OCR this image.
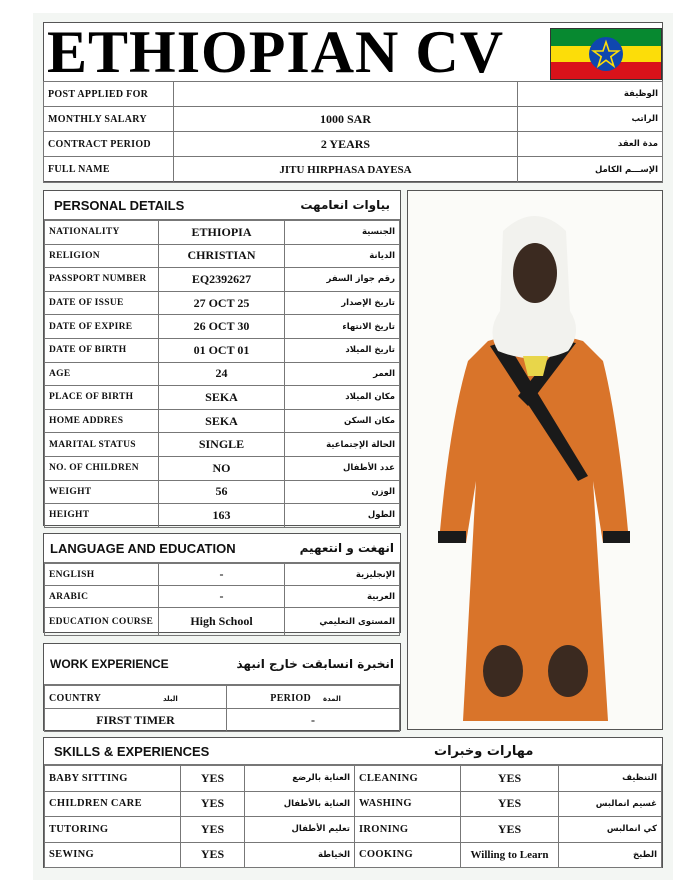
ETHIOPIAN CV
POST APPLIED FOR		الوظيفة
MONTHLY SALARY	1000 SAR	الراتب
CONTRACT PERIOD	2 YEARS	مدة العقد
FULL NAME	JITU HIRPHASA DAYESA	الإســـم الكامل
PERSONAL DETAILS	بياوات انعامهت
NATIONALITY	ETHIOPIA	الجنسية
RELIGION	CHRISTIAN	الديانة
PASSPORT NUMBER	EQ2392627	رقم جواز السفر
DATE OF ISSUE	27 OCT 25	تاريخ الإصدار
DATE OF EXPIRE	26 OCT 30	تاريخ الانتهاء
DATE OF BIRTH	01 OCT 01	تاريخ الميلاد
AGE	24	العمر
PLACE OF BIRTH	SEKA	مكان الميلاد
HOME ADDRES	SEKA	مكان السكن
MARITAL STATUS	SINGLE	الحالة الإجتماعية
NO. OF CHILDREN	NO	عدد الأطفال
WEIGHT	56	الوزن
HEIGHT	163	الطول
LANGUAGE AND EDUCATION	انهغت و انتعهيم
ENGLISH	-	الإنجليزية
ARABIC	-	العربية
EDUCATION COURSE	High School	المستوى التعليمي
WORK EXPERIENCE	انخبرة انسابقت خارج انبهذ
COUNTRY البلد	PERIOD المدة
FIRST TIMER	-
SKILLS & EXPERIENCES	مهارات وخبرات
BABY SITTING	YES	العناية بالرضع	CLEANING	YES	التنظيف
CHILDREN CARE	YES	العناية بالأطفال	WASHING	YES	غسيم انمالبس
TUTORING	YES	تعليم الأطفال	IRONING	YES	كي انمالبس
SEWING	YES	الخياطة	COOKING	Willing to Learn	الطبخ
